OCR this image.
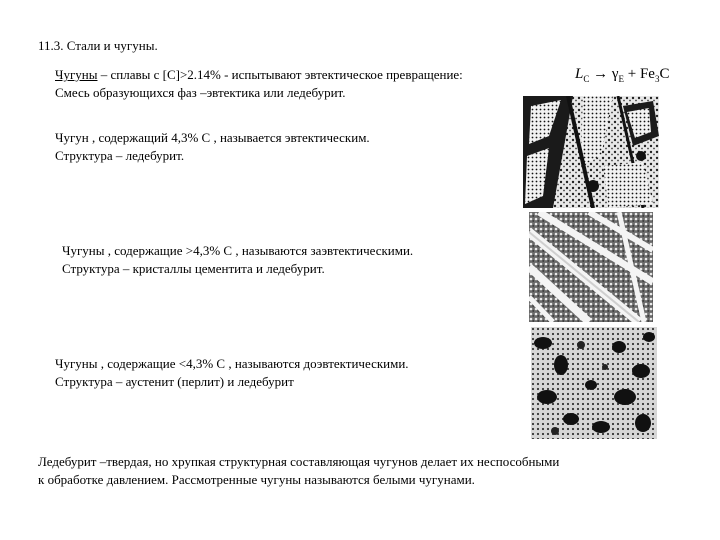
11.3. Стали и чугуны.
Чугуны – сплавы с [C]>2.14% - испытывают эвтектическое превращение:
Смесь образующихся фаз –эвтектика или ледебурит.
$L_C \to \gamma_E + Fe_3C$
Чугун , содержащий 4,3% С , называется эвтектическим.
Структура – ледебурит.
Чугуны , содержащие >4,3% С , называются заэвтектическими.
Структура – кристаллы цементита и ледебурит.
Чугуны , содержащие <4,3% С , называются доэвтектическими.
Структура – аустенит (перлит) и ледебурит
Ледебурит –твердая, но хрупкая структурная составляющая чугунов делает их неспособными
к обработке давлением. Рассмотренные чугуны называются белыми чугунами.
